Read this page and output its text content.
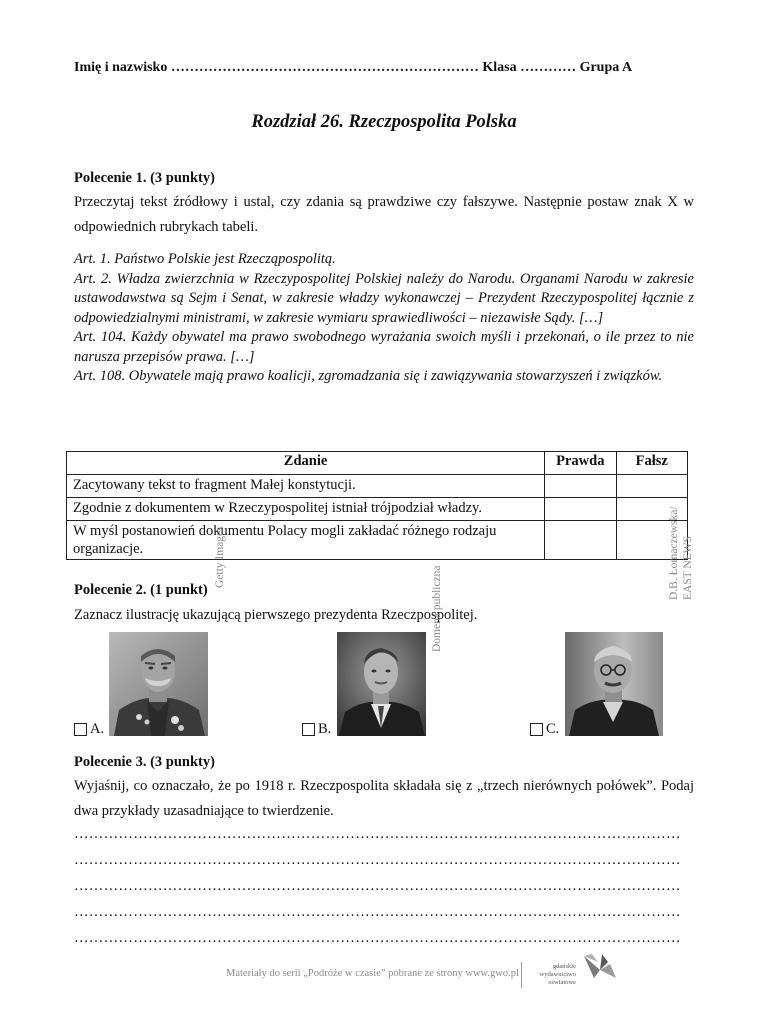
Imię i nazwisko ………………………………………………………… Klasa ………… Grupa A
Rozdział 26. Rzeczpospolita Polska
Polecenie 1. (3 punkty)
Przeczytaj tekst źródłowy i ustal, czy zdania są prawdziwe czy fałszywe. Następnie postaw znak X w odpowiednich rubrykach tabeli.
Art. 1. Państwo Polskie jest Rzecząpospolitą.
Art. 2. Władza zwierzchnia w Rzeczypospolitej Polskiej należy do Narodu. Organami Narodu w zakresie ustawodawstwa są Sejm i Senat, w zakresie władzy wykonawczej – Prezydent Rzeczypospolitej łącznie z odpowiedzialnymi ministrami, w zakresie wymiaru sprawiedliwości – niezawisłe Sądy. […]
Art. 104. Każdy obywatel ma prawo swobodnego wyrażania swoich myśli i przekonań, o ile przez to nie narusza przepisów prawa. […]
Art. 108. Obywatele mają prawo koalicji, zgromadzania się i zawiązywania stowarzyszeń i związków.
Zdanie	Prawda	Fałsz
Zacytowany tekst to fragment Małej konstytucji.		
Zgodnie z dokumentem w Rzeczypospolitej istniał trójpodział władzy.		
W myśl postanowień dokumentu Polacy mogli zakładać różnego rodzaju organizacje.		
Polecenie 2. (1 punkt)
Zaznacz ilustrację ukazującą pierwszego prezydenta Rzeczpospolitej.
Getty Images
Domena publiczna
D.B. Łomaczewska/ EAST NEWS
A.	B.	C.
Polecenie 3. (3 punkty)
Wyjaśnij, co oznaczało, że po 1918 r. Rzeczpospolita składała się z „trzech nierównych połówek”. Podaj dwa przykłady uzasadniające to twierdzenie.
……………………………………………………………………………………………………………
……………………………………………………………………………………………………………
……………………………………………………………………………………………………………
……………………………………………………………………………………………………………
……………………………………………………………………………………………………………
Materiały do serii „Podróże w czasie” pobrane ze strony www.gwo.pl
gdańskie
wydawnictwo
oświatowe
